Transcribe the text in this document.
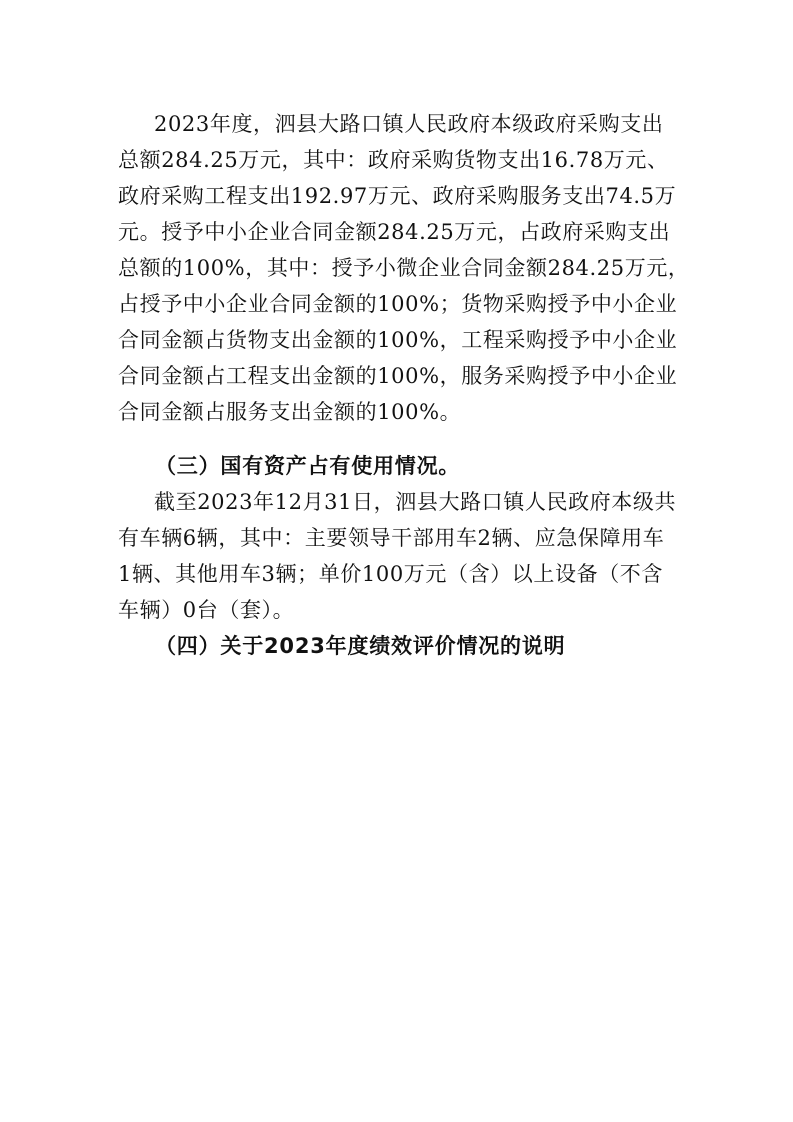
2023年度，泗县大路口镇人民政府本级政府采购支出
总额284.25万元，其中：政府采购货物支出16.78万元、
政府采购工程支出192.97万元、政府采购服务支出74.5万
元。授予中小企业合同金额284.25万元，占政府采购支出
总额的100%，其中：授予小微企业合同金额284.25万元，
占授予中小企业合同金额的100%；货物采购授予中小企业
合同金额占货物支出金额的100%，工程采购授予中小企业
合同金额占工程支出金额的100%，服务采购授予中小企业
合同金额占服务支出金额的100%。
（三）国有资产占有使用情况。
截至2023年12月31日，泗县大路口镇人民政府本级共
有车辆6辆，其中：主要领导干部用车2辆、应急保障用车
1辆、其他用车3辆；单价100万元（含）以上设备（不含
车辆）0台（套）。
（四）关于2023年度绩效评价情况的说明
